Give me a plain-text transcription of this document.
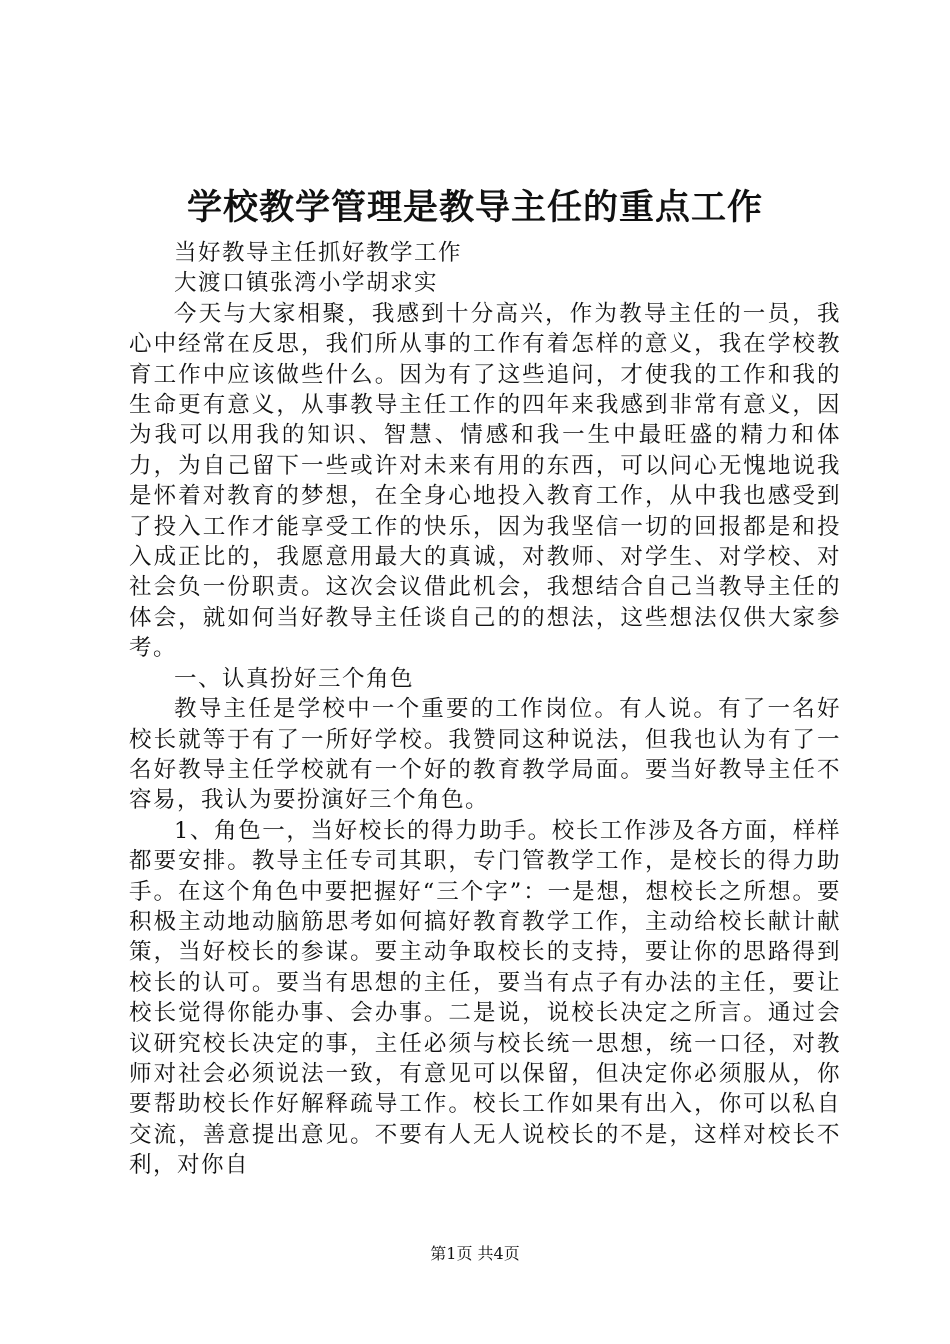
学校教学管理是教导主任的重点工作

当好教导主任抓好教学工作

大渡口镇张湾小学胡求实

今天与大家相聚，我感到十分高兴，作为教导主任的一员，我心中经常在反思，我们所从事的工作有着怎样的意义，我在学校教育工作中应该做些什么。因为有了这些追问，才使我的工作和我的生命更有意义，从事教导主任工作的四年来我感到非常有意义，因为我可以用我的知识、智慧、情感和我一生中最旺盛的精力和体力，为自己留下一些或许对未来有用的东西，可以问心无愧地说我是怀着对教育的梦想，在全身心地投入教育工作，从中我也感受到了投入工作才能享受工作的快乐，因为我坚信一切的回报都是和投入成正比的，我愿意用最大的真诚，对教师、对学生、对学校、对社会负一份职责。这次会议借此机会，我想结合自己当教导主任的体会，就如何当好教导主任谈自己的的想法，这些想法仅供大家参考。

一、认真扮好三个角色

教导主任是学校中一个重要的工作岗位。有人说。有了一名好校长就等于有了一所好学校。我赞同这种说法，但我也认为有了一名好教导主任学校就有一个好的教育教学局面。要当好教导主任不容易，我认为要扮演好三个角色。

1、角色一，当好校长的得力助手。校长工作涉及各方面，样样都要安排。教导主任专司其职，专门管教学工作，是校长的得力助手。在这个角色中要把握好“三个字”：一是想，想校长之所想。要积极主动地动脑筋思考如何搞好教育教学工作，主动给校长献计献策，当好校长的参谋。要主动争取校长的支持，要让你的思路得到校长的认可。要当有思想的主任，要当有点子有办法的主任，要让校长觉得你能办事、会办事。二是说，说校长决定之所言。通过会议研究校长决定的事，主任必须与校长统一思想，统一口径，对教师对社会必须说法一致，有意见可以保留，但决定你必须服从，你要帮助校长作好解释疏导工作。校长工作如果有出入，你可以私自交流，善意提出意见。不要有人无人说校长的不是，这样对校长不利，对你自

第1页 共4页
